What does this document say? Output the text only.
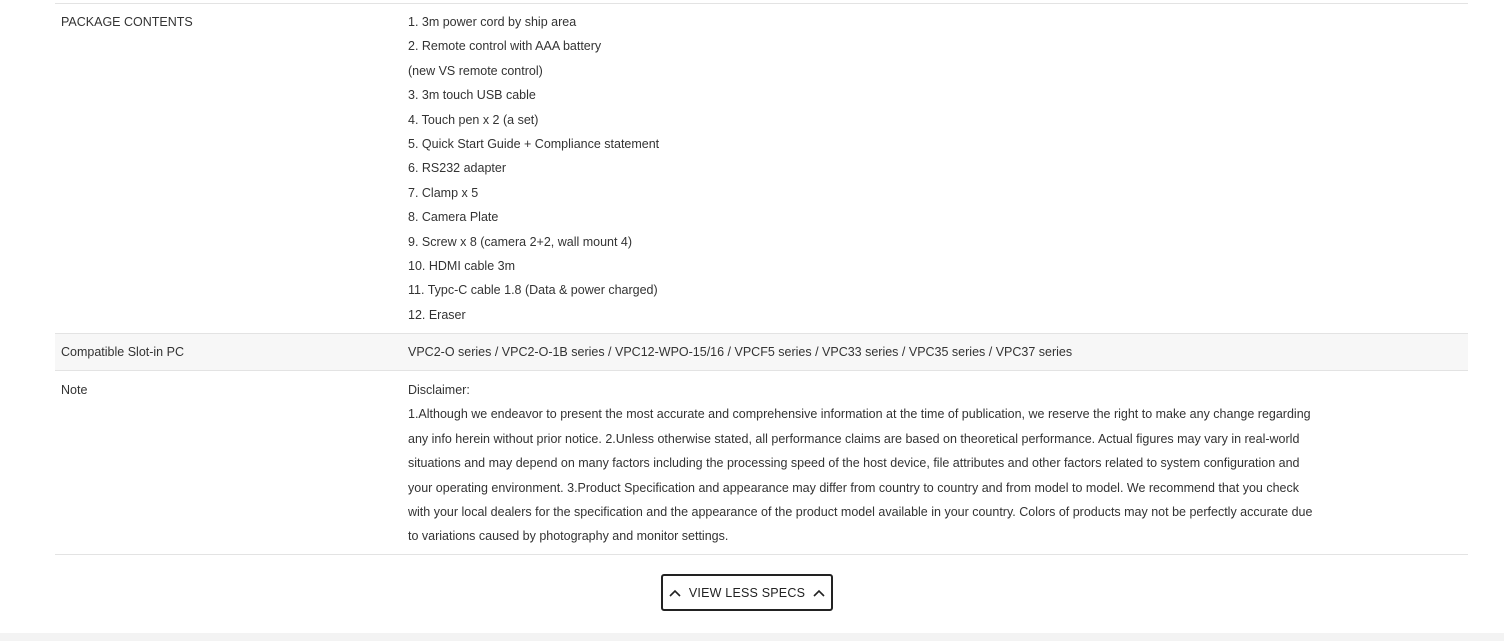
PACKAGE CONTENTS	1. 3m power cord by ship area
2. Remote control with AAA battery
(new VS remote control)
3. 3m touch USB cable
4. Touch pen x 2 (a set)
5. Quick Start Guide + Compliance statement
6. RS232 adapter
7. Clamp x 5
8. Camera Plate
9. Screw x 8 (camera 2+2, wall mount 4)
10. HDMI cable 3m
11. Typc-C cable 1.8 (Data & power charged)
12. Eraser
Compatible Slot-in PC	VPC2-O series / VPC2-O-1B series / VPC12-WPO-15/16 / VPCF5 series / VPC33 series / VPC35 series / VPC37 series
Note	Disclaimer:
1.Although we endeavor to present the most accurate and comprehensive information at the time of publication, we reserve the right to make any change regarding any info herein without prior notice. 2.Unless otherwise stated, all performance claims are based on theoretical performance. Actual figures may vary in real-world situations and may depend on many factors including the processing speed of the host device, file attributes and other factors related to system configuration and your operating environment. 3.Product Specification and appearance may differ from country to country and from model to model. We recommend that you check with your local dealers for the specification and the appearance of the product model available in your country. Colors of products may not be perfectly accurate due to variations caused by photography and monitor settings.
VIEW LESS SPECS
